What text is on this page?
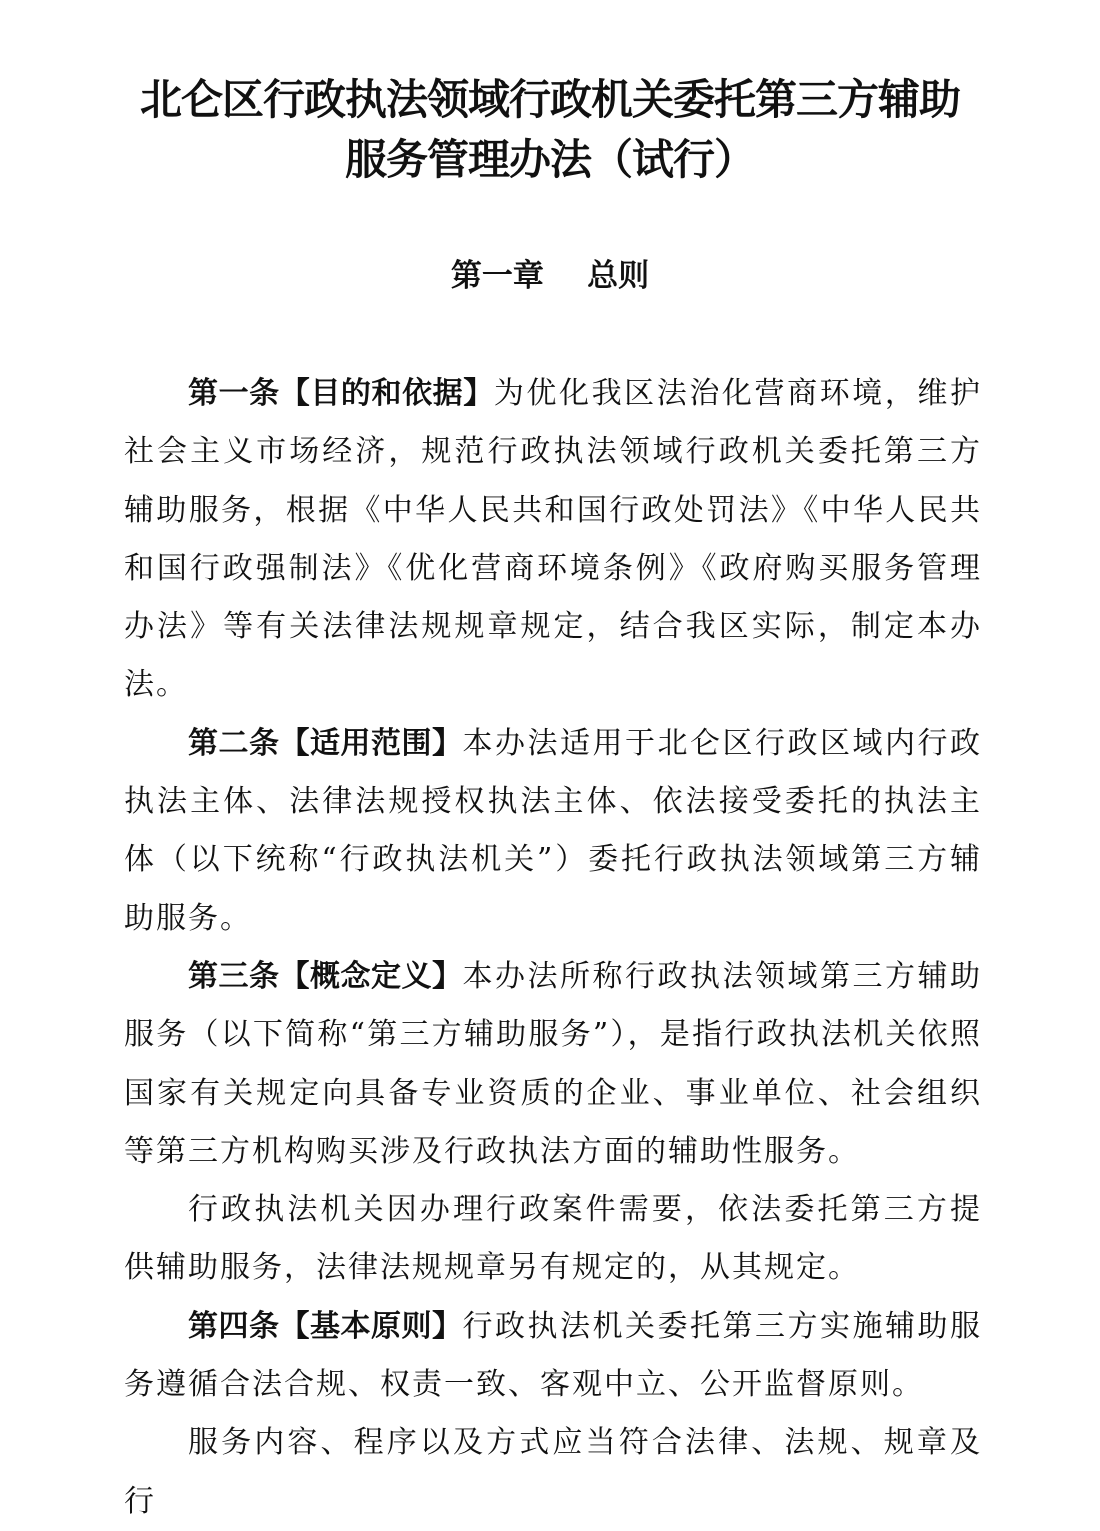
北仑区行政执法领域行政机关委托第三方辅助
服务管理办法（试行）
第一章    总则

第一条【目的和依据】为优化我区法治化营商环境，维护社会主义市场经济，规范行政执法领域行政机关委托第三方辅助服务，根据《中华人民共和国行政处罚法》《中华人民共和国行政强制法》《优化营商环境条例》《政府购买服务管理办法》等有关法律法规规章规定，结合我区实际，制定本办法。

第二条【适用范围】本办法适用于北仑区行政区域内行政执法主体、法律法规授权执法主体、依法接受委托的执法主体（以下统称“行政执法机关”）委托行政执法领域第三方辅助服务。

第三条【概念定义】本办法所称行政执法领域第三方辅助服务（以下简称“第三方辅助服务”），是指行政执法机关依照国家有关规定向具备专业资质的企业、事业单位、社会组织等第三方机构购买涉及行政执法方面的辅助性服务。

行政执法机关因办理行政案件需要，依法委托第三方提供辅助服务，法律法规规章另有规定的，从其规定。

第四条【基本原则】行政执法机关委托第三方实施辅助服务遵循合法合规、权责一致、客观中立、公开监督原则。

服务内容、程序以及方式应当符合法律、法规、规章及行
